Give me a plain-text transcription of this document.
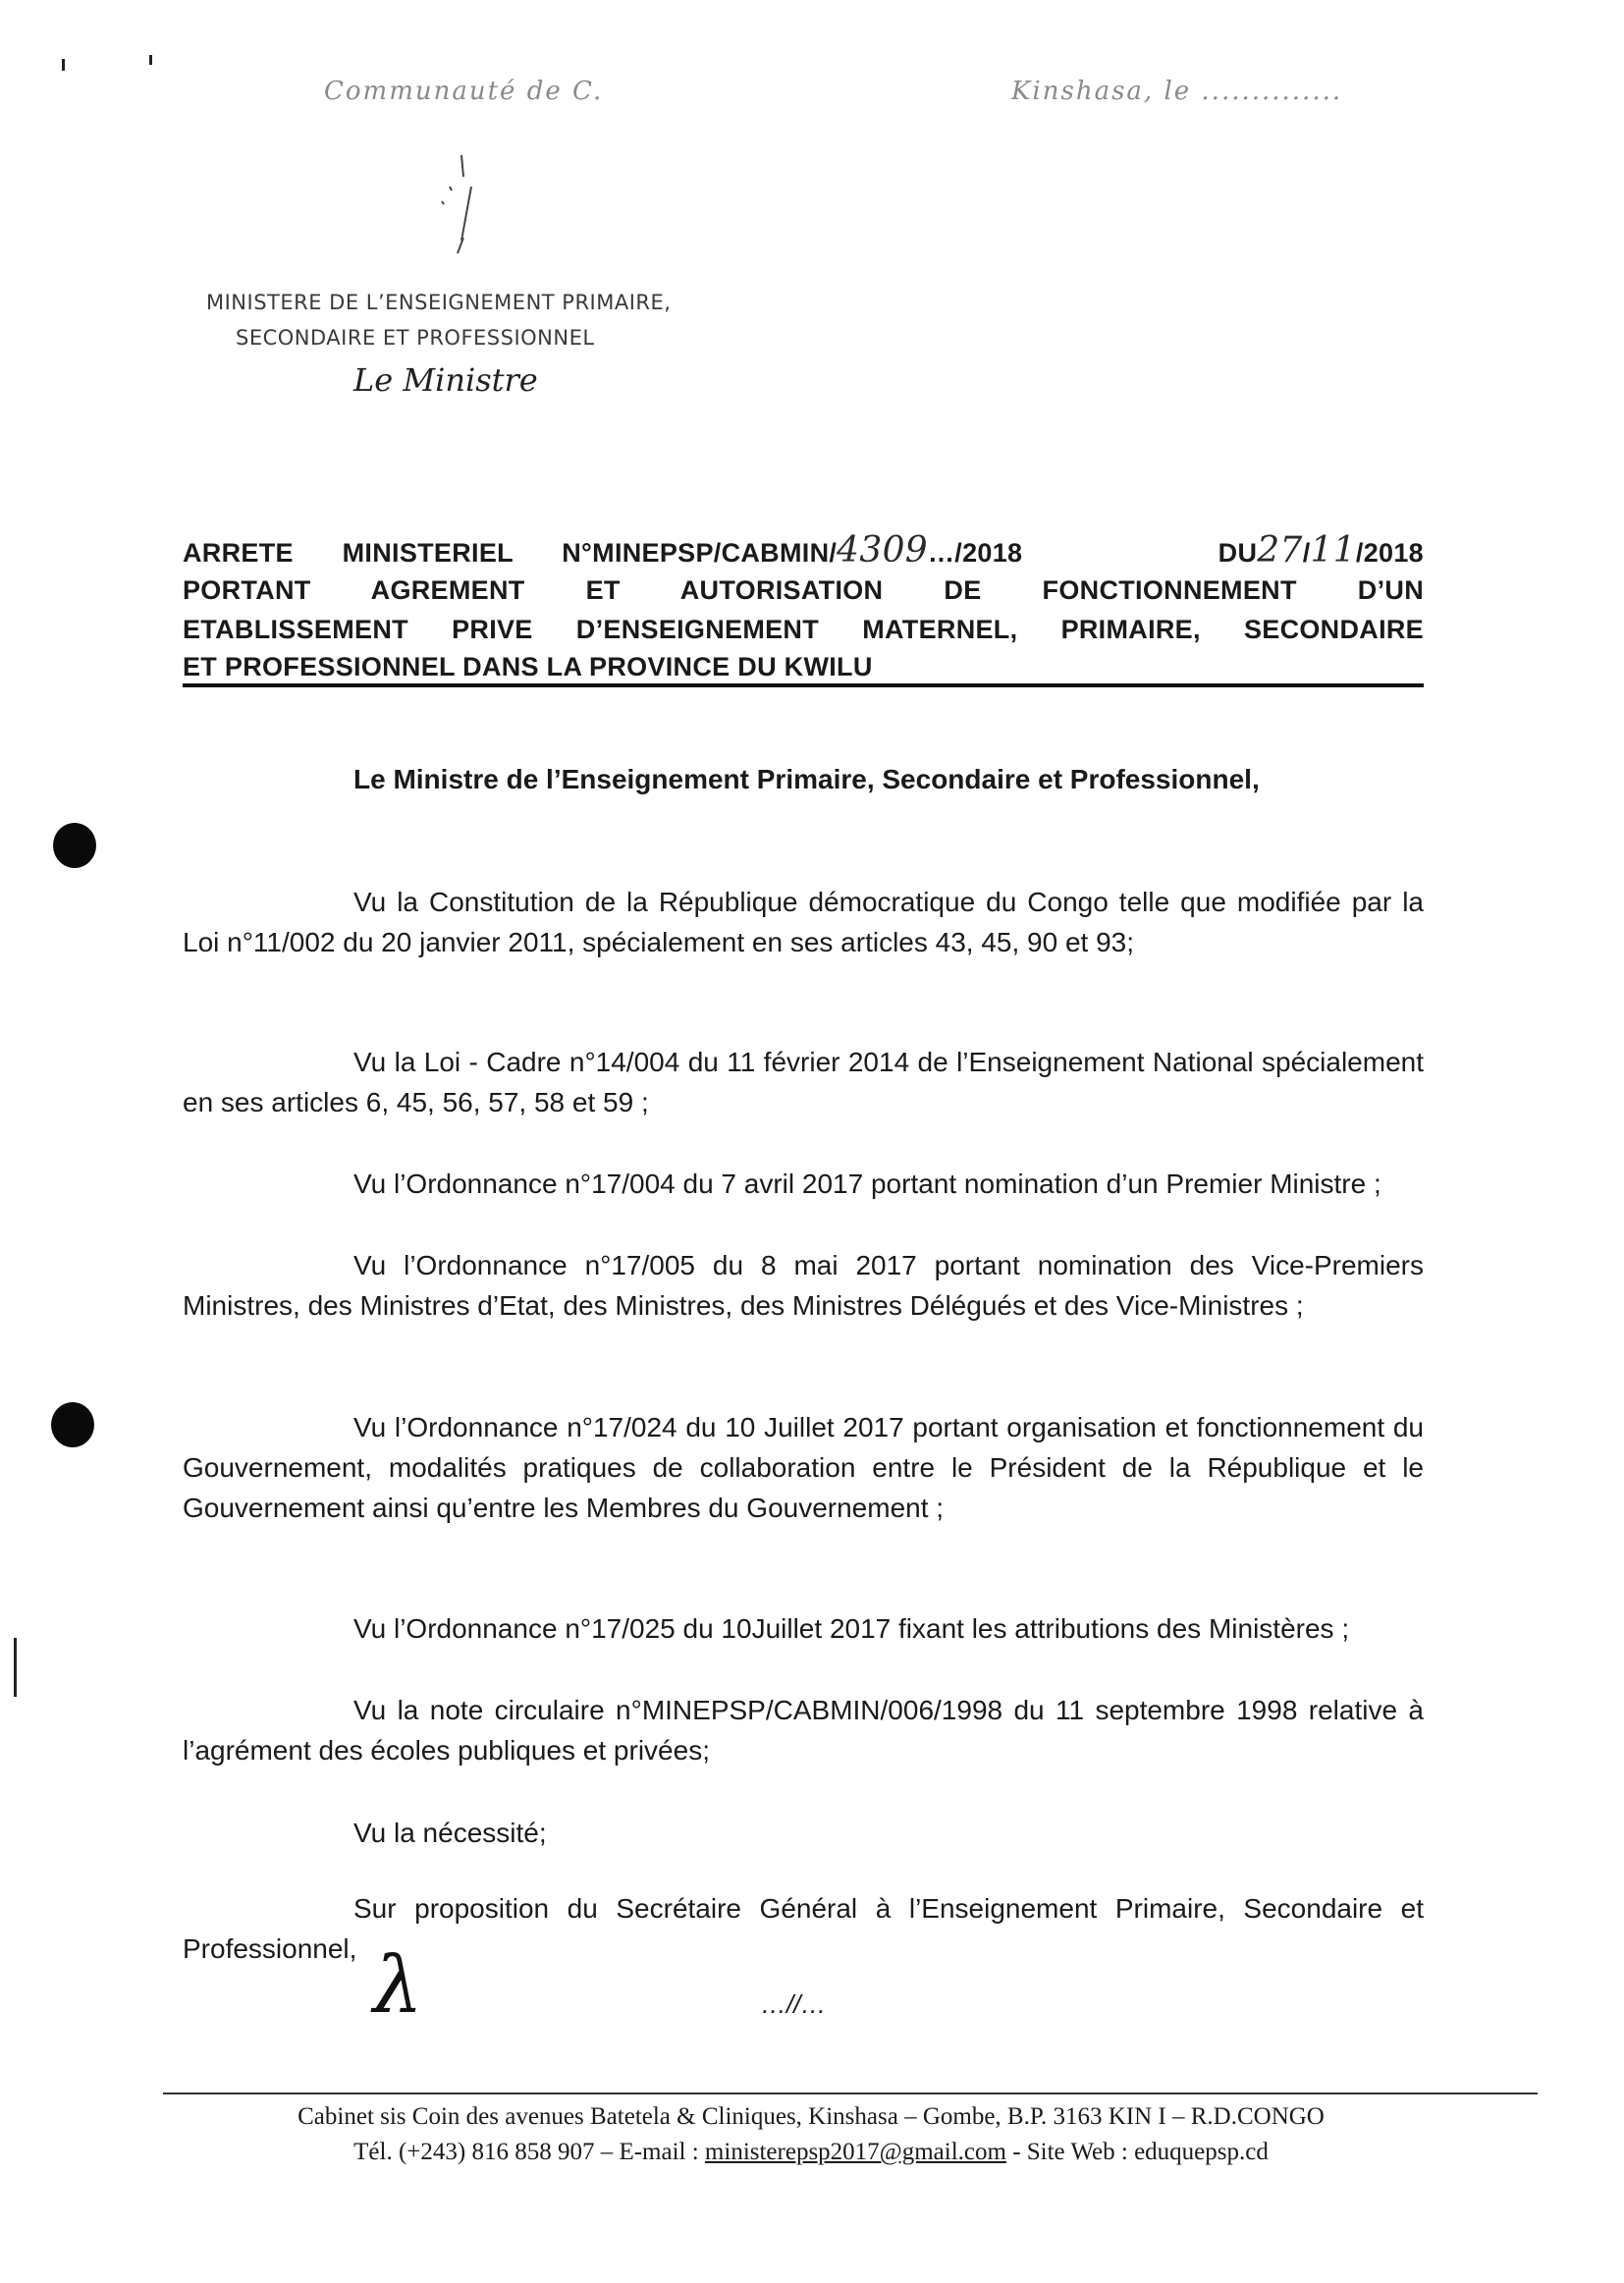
Communauté de C.	Kinshasa, le ..............
MINISTERE DE L’ENSEIGNEMENT PRIMAIRE,
SECONDAIRE ET PROFESSIONNEL
Le Ministre
ARRETE MINISTERIEL N°MINEPSP/CABMIN/4309…/2018	DU27/11/2018
PORTANT AGREMENT ET AUTORISATION DE FONCTIONNEMENT D’UN
ETABLISSEMENT PRIVE D’ENSEIGNEMENT MATERNEL, PRIMAIRE, SECONDAIRE
ET PROFESSIONNEL DANS LA PROVINCE DU KWILU
Le Ministre de l’Enseignement Primaire, Secondaire et Professionnel,
Vu la Constitution de la République démocratique du Congo telle que modifiée par la Loi n°11/002 du 20 janvier 2011, spécialement en ses articles 43, 45, 90 et 93;
Vu la Loi - Cadre n°14/004 du 11 février 2014 de l’Enseignement National spécialement en ses articles 6, 45, 56, 57, 58 et 59 ;
Vu l’Ordonnance n°17/004 du 7 avril 2017 portant nomination d’un Premier Ministre ;
Vu l’Ordonnance n°17/005 du 8 mai 2017 portant nomination des Vice-Premiers Ministres, des Ministres d’Etat, des Ministres, des Ministres Délégués et des Vice-Ministres ;
Vu l’Ordonnance n°17/024 du 10 Juillet 2017 portant organisation et fonctionnement du Gouvernement, modalités pratiques de collaboration entre le Président de la République et le Gouvernement ainsi qu’entre les Membres du Gouvernement ;
Vu l’Ordonnance n°17/025 du 10Juillet 2017 fixant les attributions des Ministères ;
Vu la note circulaire n°MINEPSP/CABMIN/006/1998 du 11 septembre 1998 relative à l’agrément des écoles publiques et privées;
Vu la nécessité;
Sur proposition du Secrétaire Général à l’Enseignement Primaire, Secondaire et Professionnel, λ	…//…
Cabinet sis Coin des avenues Batetela & Cliniques, Kinshasa – Gombe, B.P. 3163 KIN I – R.D.CONGO
Tél. (+243) 816 858 907 – E-mail : ministerepsp2017@gmail.com - Site Web : eduquepsp.cd
